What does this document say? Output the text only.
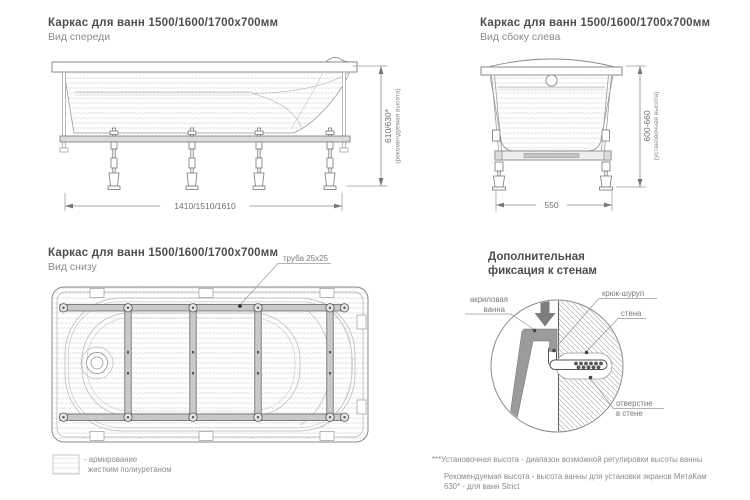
Каркас для ванн 1500/1600/1700x700мм
Вид спереди
Каркас для ванн 1500/1600/1700x700мм
Вид сбоку слева
Каркас для ванн 1500/1600/1700x700мм
Вид снизу
Дополнительная
фиксация к стенам
1410/1510/1610
610/630* (рекомендуемая высота)
550
600-660 (установочная высота)
труба 25x25
- армирование
жестким полиуретаном
акриловая
ванна
крюк-шуруп
стена
отверстие
в стене
***Установочная высота - диапазон возможной регулировки высоты ванны
Рекомендуемая высота - высота ванны для установки экранов МетаКам
630* - для ванн Strict
